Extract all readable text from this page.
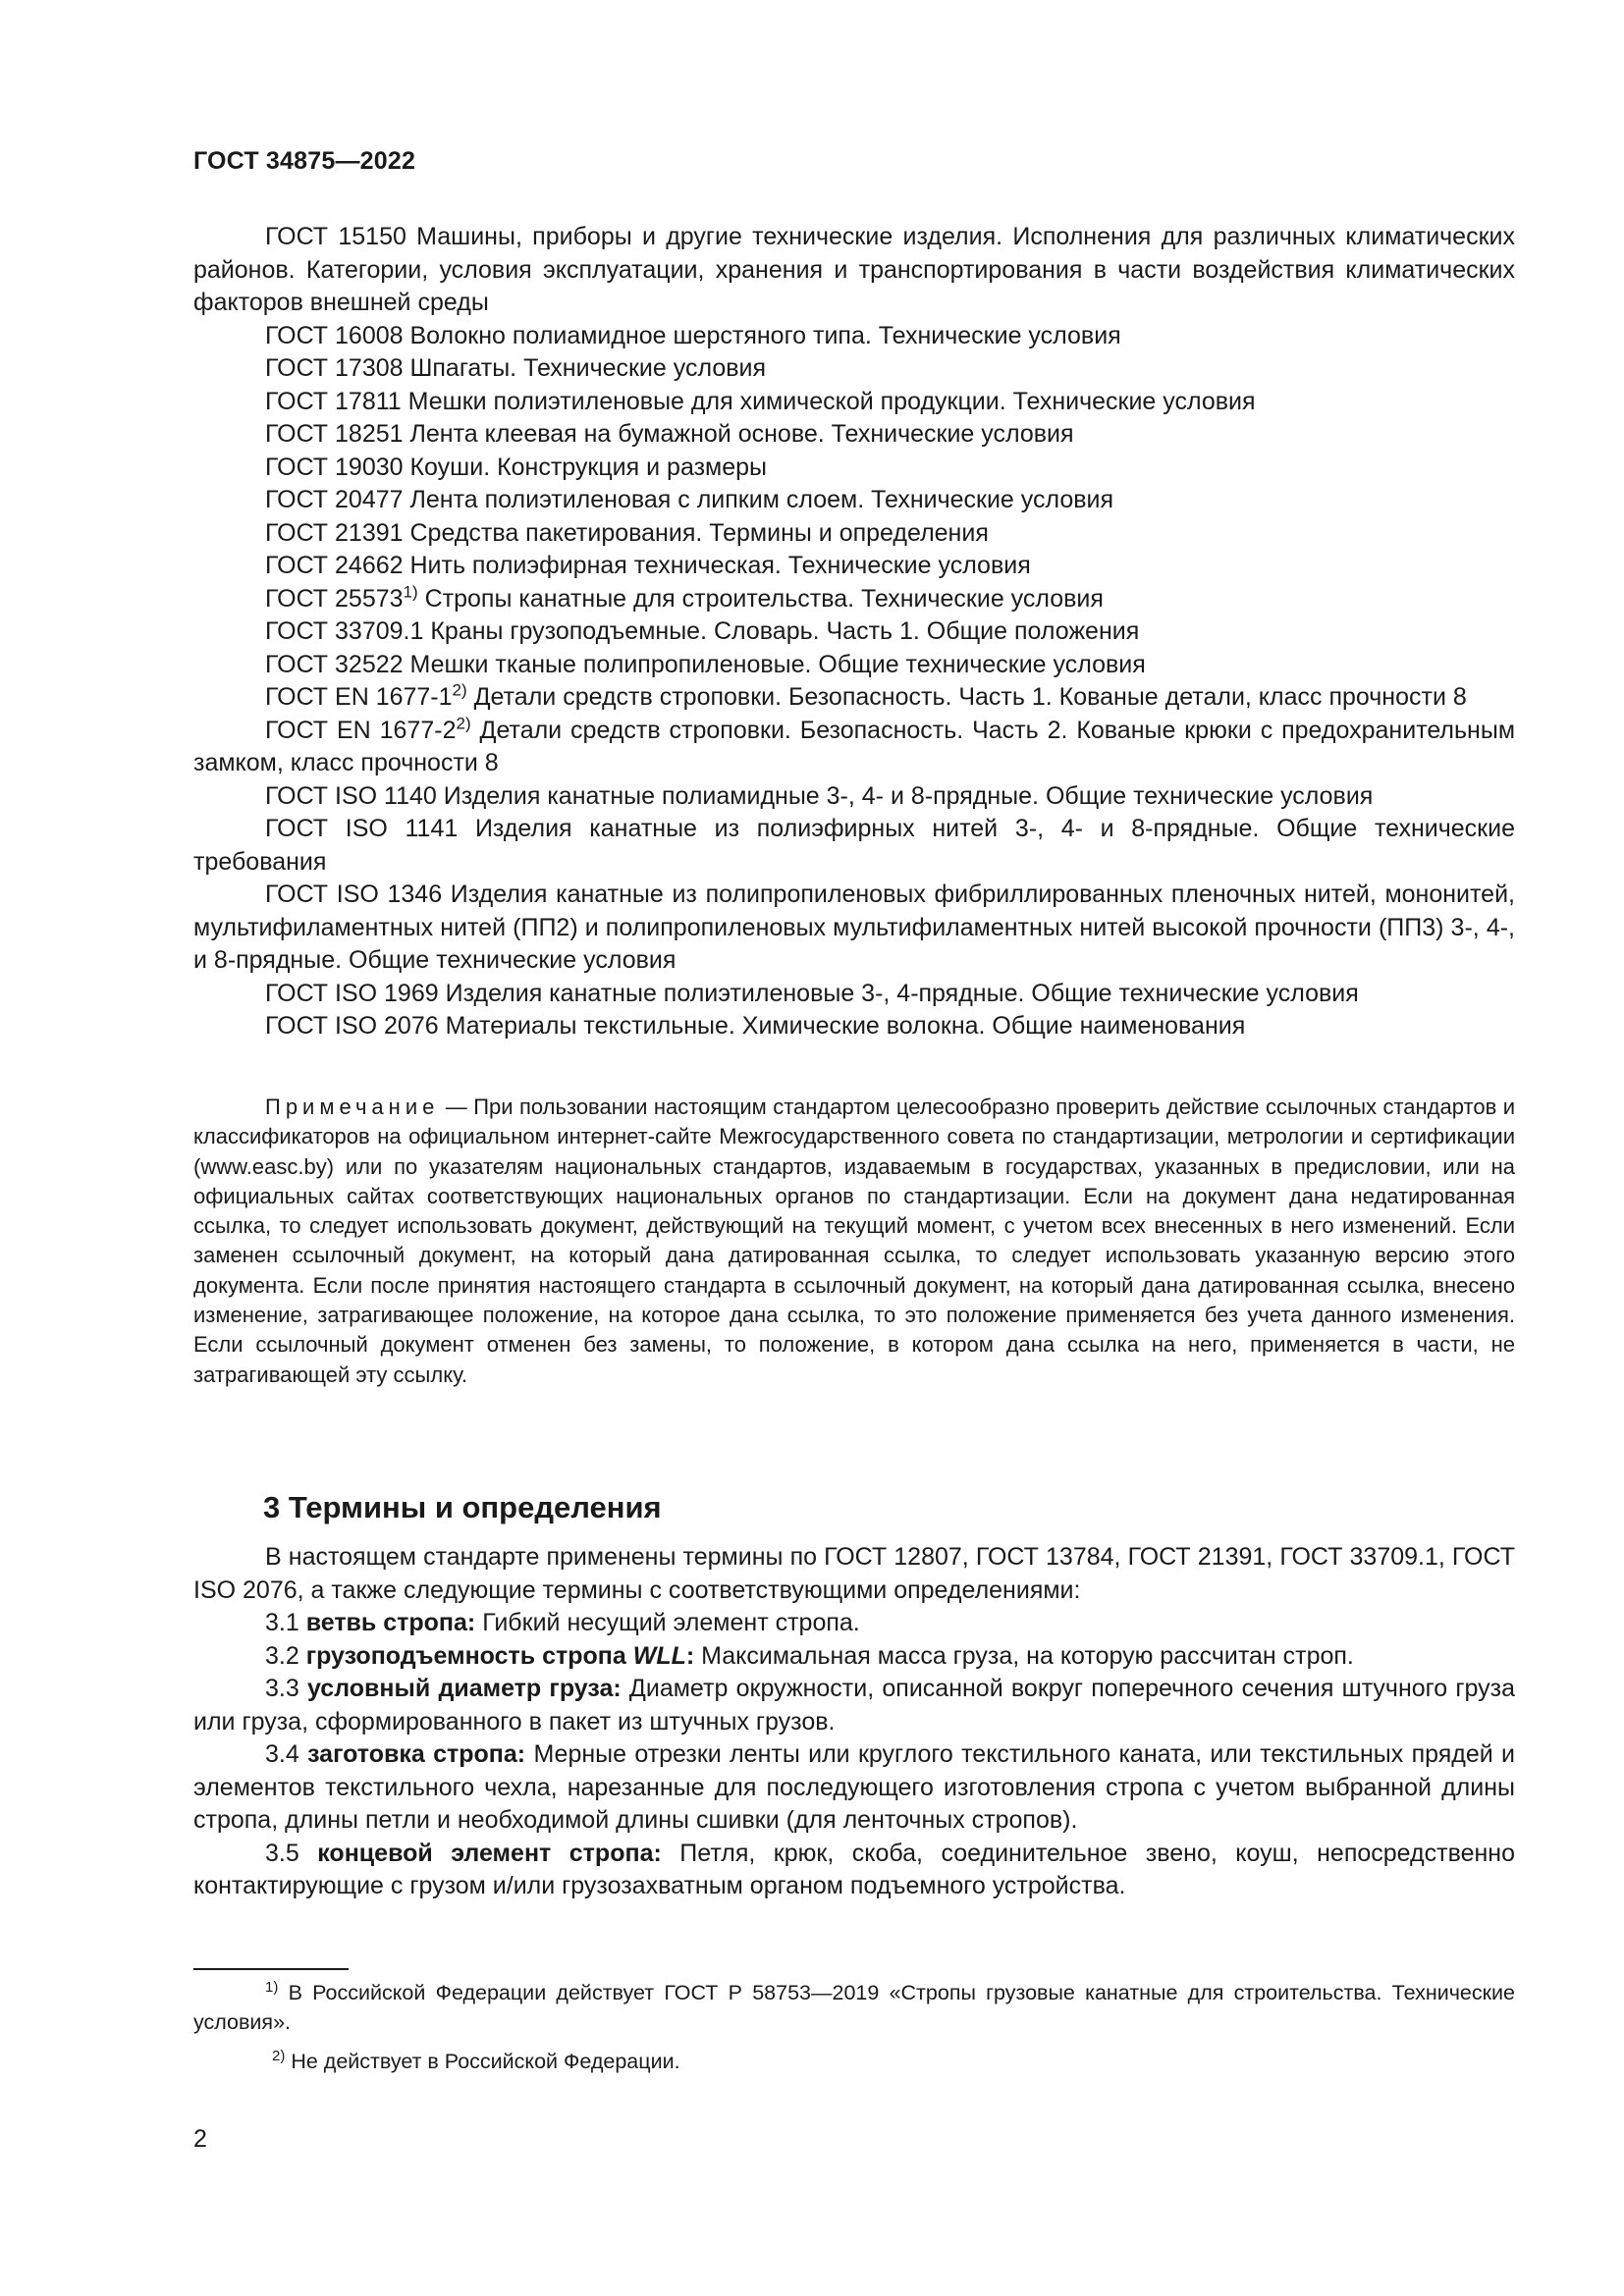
ГОСТ 34875—2022

ГОСТ 15150 Машины, приборы и другие технические изделия. Исполнения для различных климатических районов. Категории, условия эксплуатации, хранения и транспортирования в части воздействия климатических факторов внешней среды

ГОСТ 16008 Волокно полиамидное шерстяного типа. Технические условия

ГОСТ 17308 Шпагаты. Технические условия

ГОСТ 17811 Мешки полиэтиленовые для химической продукции. Технические условия

ГОСТ 18251 Лента клеевая на бумажной основе. Технические условия

ГОСТ 19030 Коуши. Конструкция и размеры

ГОСТ 20477 Лента полиэтиленовая с липким слоем. Технические условия

ГОСТ 21391 Средства пакетирования. Термины и определения

ГОСТ 24662 Нить полиэфирная техническая. Технические условия

ГОСТ 25573$^{1)}$ Стропы канатные для строительства. Технические условия

ГОСТ 33709.1 Краны грузоподъемные. Словарь. Часть 1. Общие положения

ГОСТ 32522 Мешки тканые полипропиленовые. Общие технические условия

ГОСТ EN 1677-1$^{2)}$ Детали средств строповки. Безопасность. Часть 1. Кованые детали, класс прочности 8

ГОСТ EN 1677-2$^{2)}$ Детали средств строповки. Безопасность. Часть 2. Кованые крюки с предохранительным замком, класс прочности 8

ГОСТ ISO 1140 Изделия канатные полиамидные 3-, 4- и 8-прядные. Общие технические условия

ГОСТ ISO 1141 Изделия канатные из полиэфирных нитей 3-, 4- и 8-прядные. Общие технические требования

ГОСТ ISO 1346 Изделия канатные из полипропиленовых фибриллированных пленочных нитей, мононитей, мультифиламентных нитей (ПП2) и полипропиленовых мультифиламентных нитей высокой прочности (ПП3) 3-, 4-, и 8-прядные. Общие технические условия

ГОСТ ISO 1969 Изделия канатные полиэтиленовые 3-, 4-прядные. Общие технические условия

ГОСТ ISO 2076 Материалы текстильные. Химические волокна. Общие наименования

Примечание — При пользовании настоящим стандартом целесообразно проверить действие ссылочных стандартов и классификаторов на официальном интернет-сайте Межгосударственного совета по стандартизации, метрологии и сертификации (www.easc.by) или по указателям национальных стандартов, издаваемым в государствах, указанных в предисловии, или на официальных сайтах соответствующих национальных органов по стандартизации. Если на документ дана недатированная ссылка, то следует использовать документ, действующий на текущий момент, с учетом всех внесенных в него изменений. Если заменен ссылочный документ, на который дана датированная ссылка, то следует использовать указанную версию этого документа. Если после принятия настоящего стандарта в ссылочный документ, на который дана датированная ссылка, внесено изменение, затрагивающее положение, на которое дана ссылка, то это положение применяется без учета данного изменения. Если ссылочный документ отменен без замены, то положение, в котором дана ссылка на него, применяется в части, не затрагивающей эту ссылку.

3 Термины и определения

В настоящем стандарте применены термины по ГОСТ 12807, ГОСТ 13784, ГОСТ 21391, ГОСТ 33709.1, ГОСТ ISO 2076, а также следующие термины с соответствующими определениями:

3.1 ветвь стропа: Гибкий несущий элемент стропа.

3.2 грузоподъемность стропа WLL: Максимальная масса груза, на которую рассчитан строп.

3.3 условный диаметр груза: Диаметр окружности, описанной вокруг поперечного сечения штучного груза или груза, сформированного в пакет из штучных грузов.

3.4 заготовка стропа: Мерные отрезки ленты или круглого текстильного каната, или текстильных прядей и элементов текстильного чехла, нарезанные для последующего изготовления стропа с учетом выбранной длины стропа, длины петли и необходимой длины сшивки (для ленточных стропов).

3.5 концевой элемент стропа: Петля, крюк, скоба, соединительное звено, коуш, непосредственно контактирующие с грузом и/или грузозахватным органом подъемного устройства.

$^{1)}$ В Российской Федерации действует ГОСТ Р 58753—2019 «Стропы грузовые канатные для строительства. Технические условия».

$^{2)}$ Не действует в Российской Федерации.

2
